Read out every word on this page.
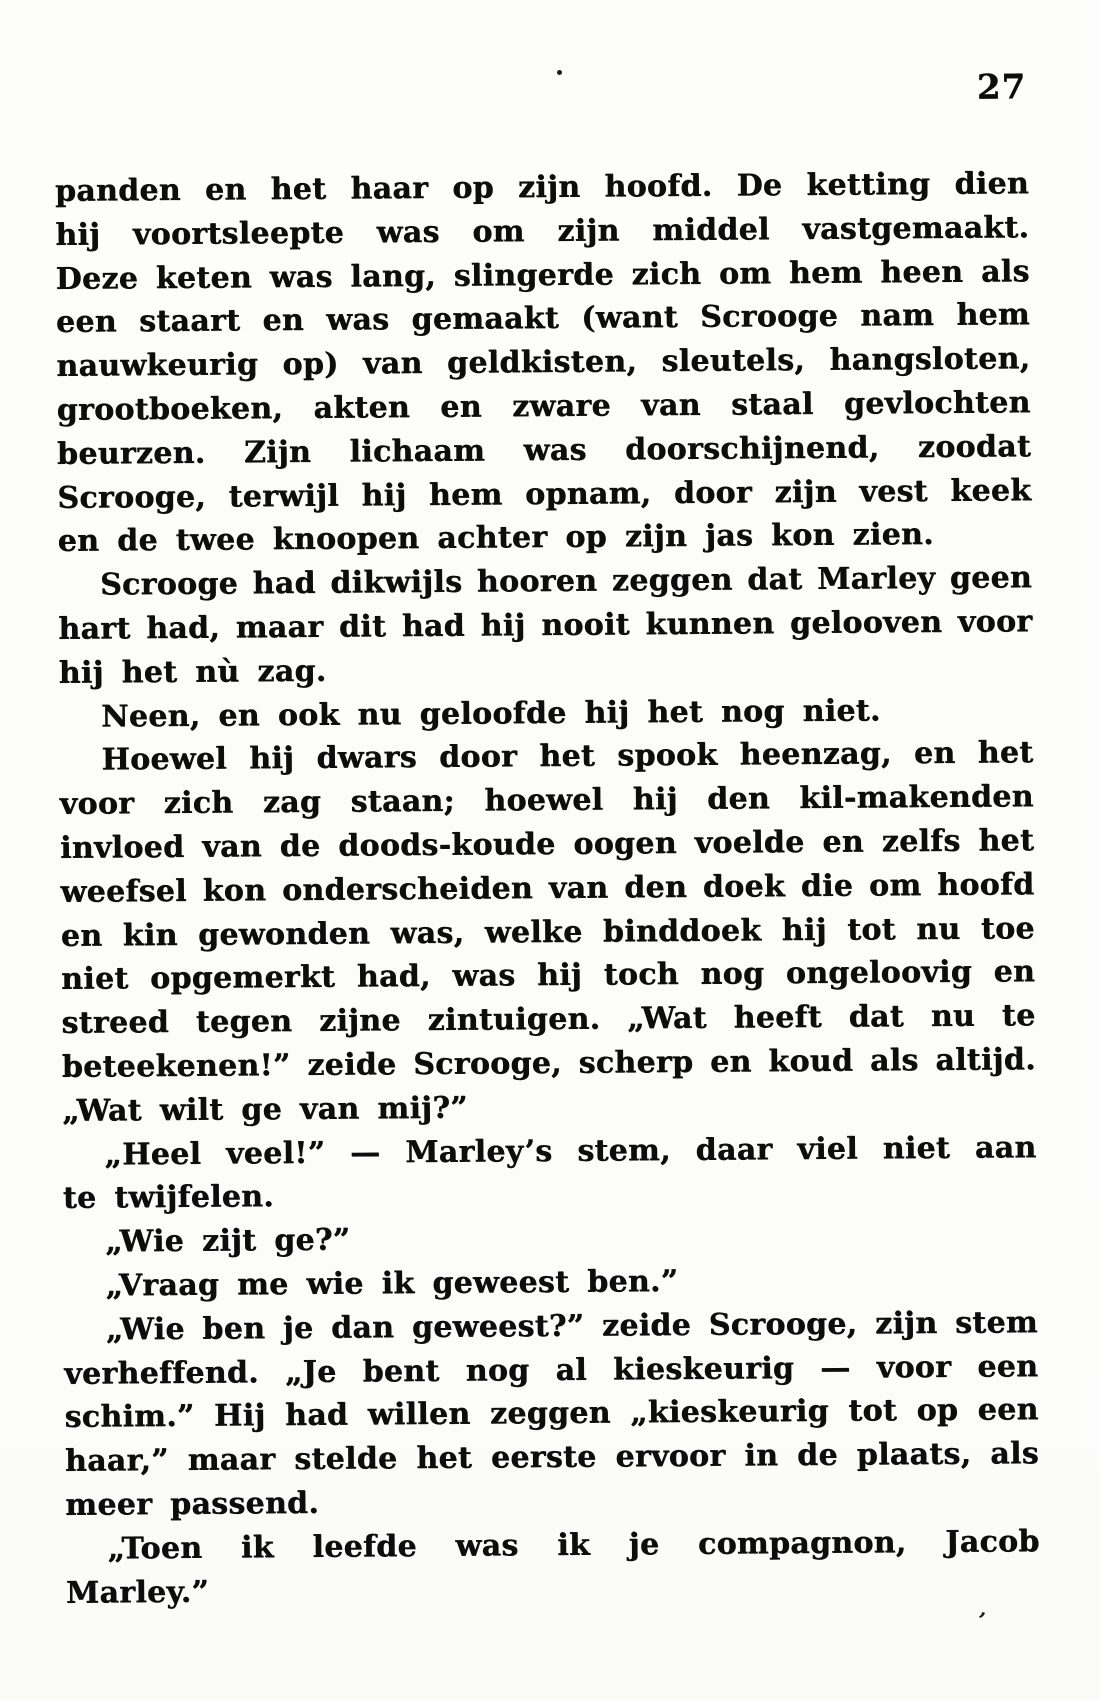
27
panden en het haar op zijn hoofd. De ketting dien
hij voortsleepte was om zijn middel vastgemaakt.
Deze keten was lang, slingerde zich om hem heen als
een staart en was gemaakt (want Scrooge nam hem
nauwkeurig op) van geldkisten, sleutels, hangsloten,
grootboeken, akten en zware van staal gevlochten
beurzen. Zijn lichaam was doorschijnend, zoodat
Scrooge, terwijl hij hem opnam, door zijn vest keek
en de twee knoopen achter op zijn jas kon zien.
Scrooge had dikwijls hooren zeggen dat Marley geen
hart had, maar dit had hij nooit kunnen gelooven voor
hij het nù zag.
Neen, en ook nu geloofde hij het nog niet.
Hoewel hij dwars door het spook heenzag, en het
voor zich zag staan; hoewel hij den kil-makenden
invloed van de doods-koude oogen voelde en zelfs het
weefsel kon onderscheiden van den doek die om hoofd
en kin gewonden was, welke binddoek hij tot nu toe
niet opgemerkt had, was hij toch nog ongeloovig en
streed tegen zijne zintuigen. „Wat heeft dat nu te
beteekenen!” zeide Scrooge, scherp en koud als altijd.
„Wat wilt ge van mij?”
„Heel veel!” — Marley’s stem, daar viel niet aan
te twijfelen.
„Wie zijt ge?”
„Vraag me wie ik geweest ben.”
„Wie ben je dan geweest?” zeide Scrooge, zijn stem
verheffend. „Je bent nog al kieskeurig — voor een
schim.” Hij had willen zeggen „kieskeurig tot op een
haar,” maar stelde het eerste ervoor in de plaats, als
meer passend.
„Toen ik leefde was ik je compagnon, Jacob
Marley.”
’
